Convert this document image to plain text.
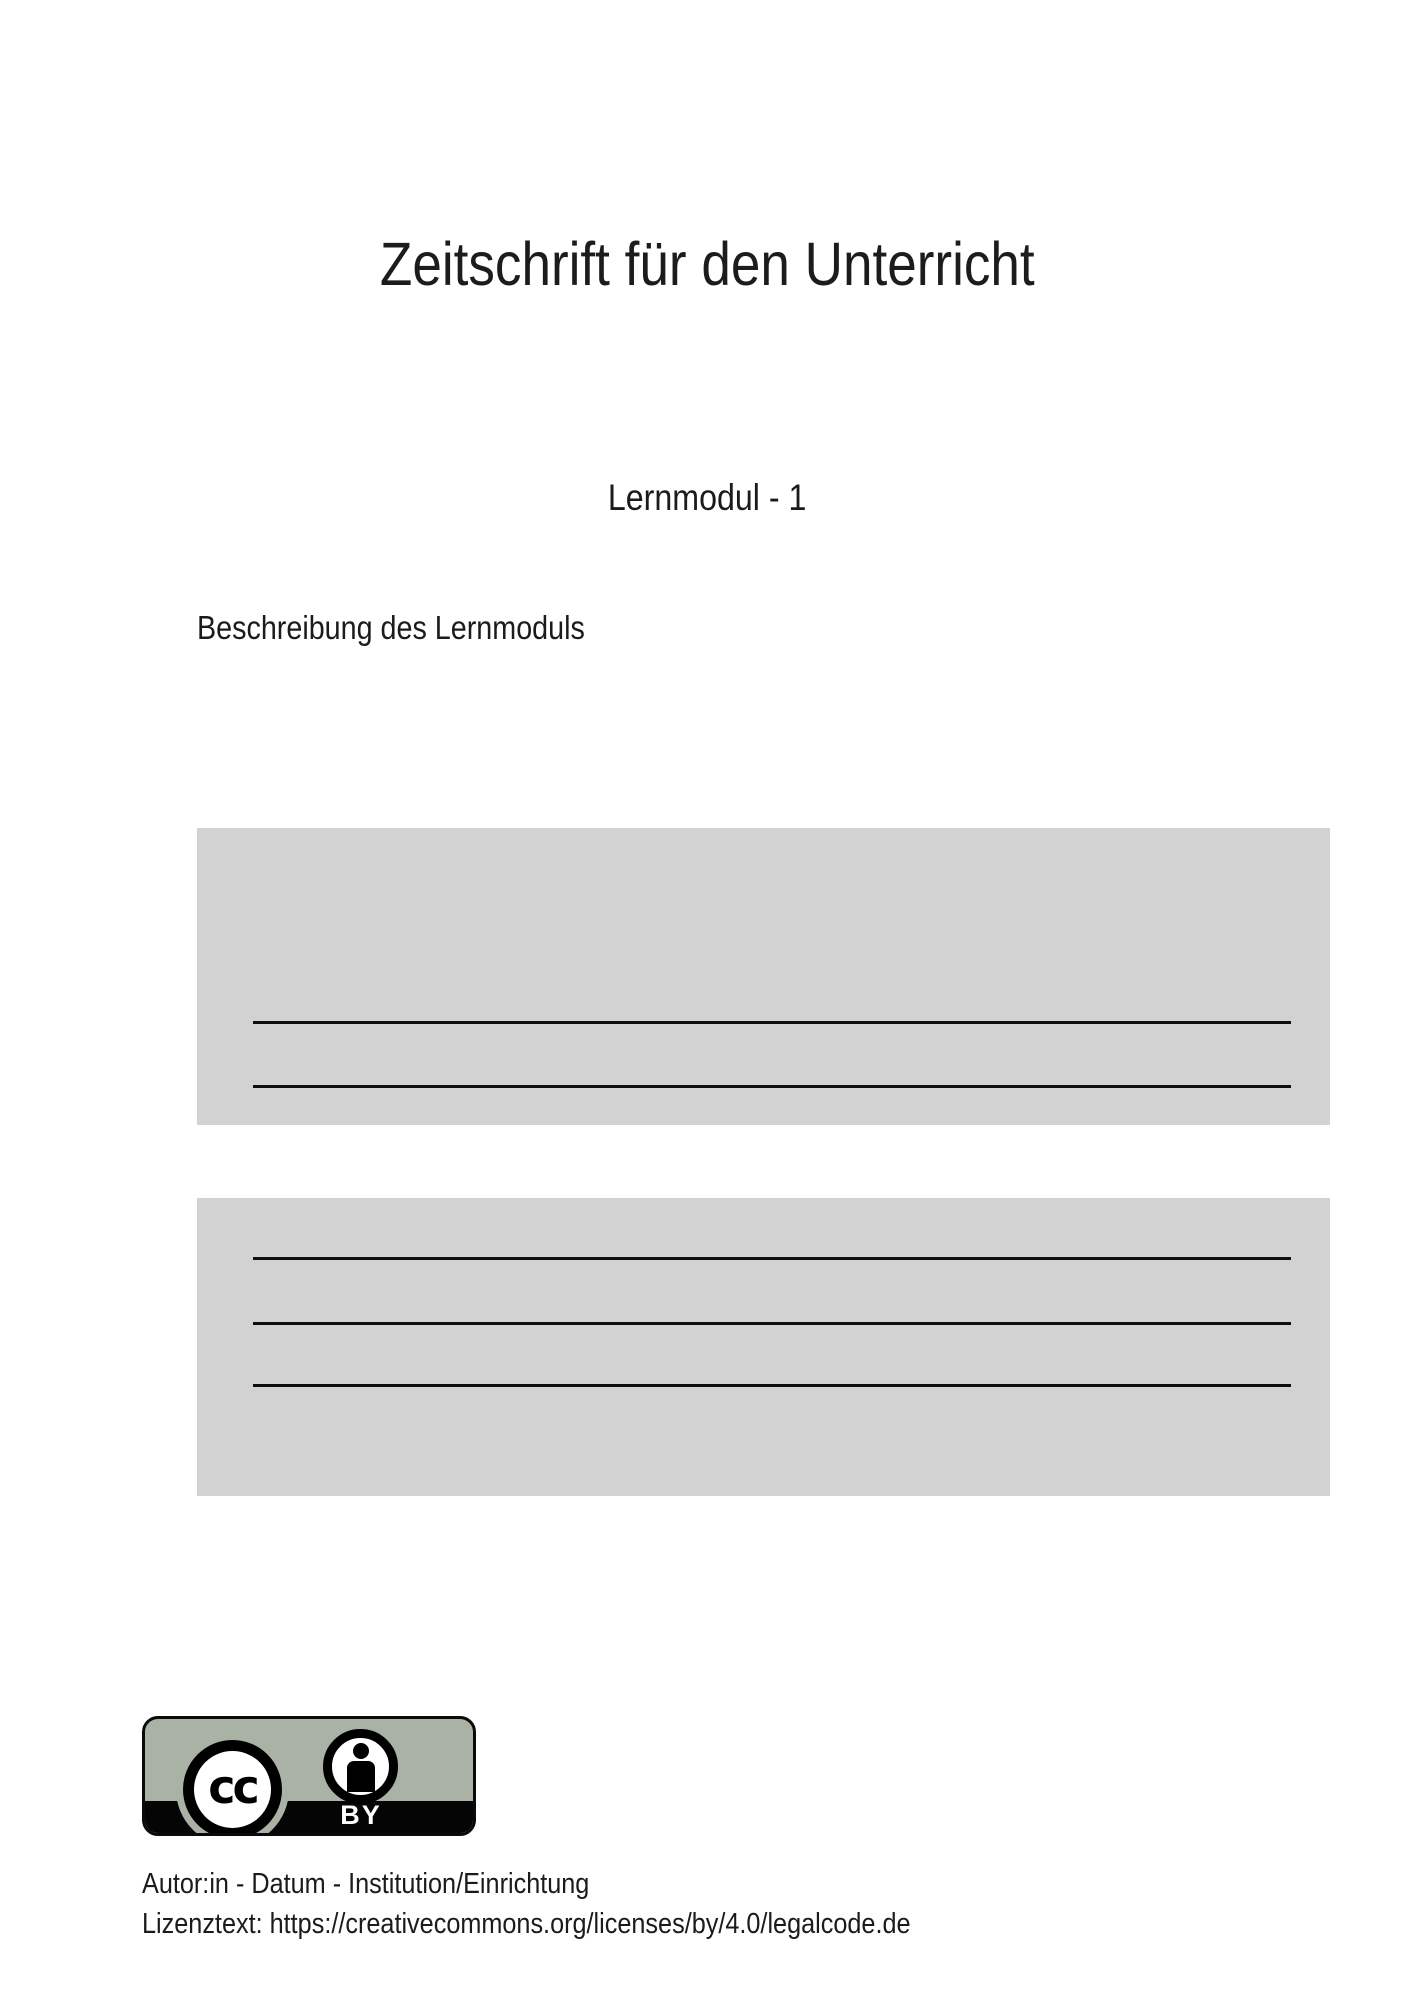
Zeitschrift für den Unterricht
Lernmodul - 1
Beschreibung des Lernmoduls
cc
BY
Autor:in - Datum - Institution/Einrichtung
Lizenztext: https://creativecommons.org/licenses/by/4.0/legalcode.de
